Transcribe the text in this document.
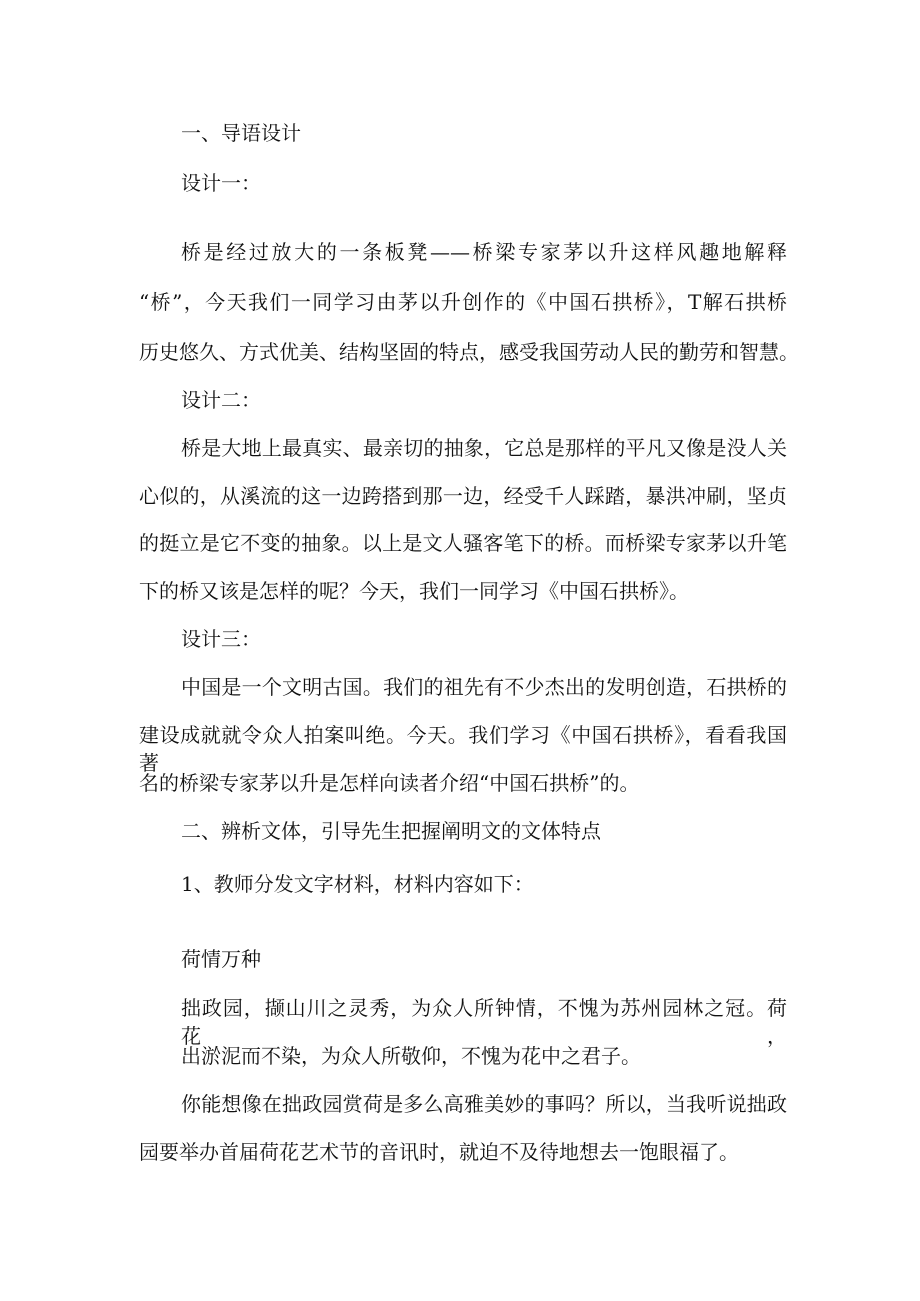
一、导语设计
设计一：
桥是经过放大的一条板凳——桥梁专家茅以升这样风趣地解释
“桥”，今天我们一同学习由茅以升创作的《中国石拱桥》，T解石拱桥
历史悠久、方式优美、结构坚固的特点，感受我国劳动人民的勤劳和智慧。
设计二：
桥是大地上最真实、最亲切的抽象，它总是那样的平凡又像是没人关
心似的，从溪流的这一边跨搭到那一边，经受千人踩踏，暴洪冲刷，坚贞
的挺立是它不变的抽象。以上是文人骚客笔下的桥。而桥梁专家茅以升笔
下的桥又该是怎样的呢？今天，我们一同学习《中国石拱桥》。
设计三：
中国是一个文明古国。我们的祖先有不少杰出的发明创造，石拱桥的
建设成就就令众人拍案叫绝。今天。我们学习《中国石拱桥》，看看我国著
名的桥梁专家茅以升是怎样向读者介绍“中国石拱桥”的。
二、辨析文体，引导先生把握阐明文的文体特点
1、教师分发文字材料，材料内容如下：
荷情万种
拙政园，撷山川之灵秀，为众人所钟情，不愧为苏州园林之冠。荷花，
出淤泥而不染，为众人所敬仰，不愧为花中之君子。
你能想像在拙政园赏荷是多么高雅美妙的事吗？所以，当我听说拙政
园要举办首届荷花艺术节的音讯时，就迫不及待地想去一饱眼福了。
